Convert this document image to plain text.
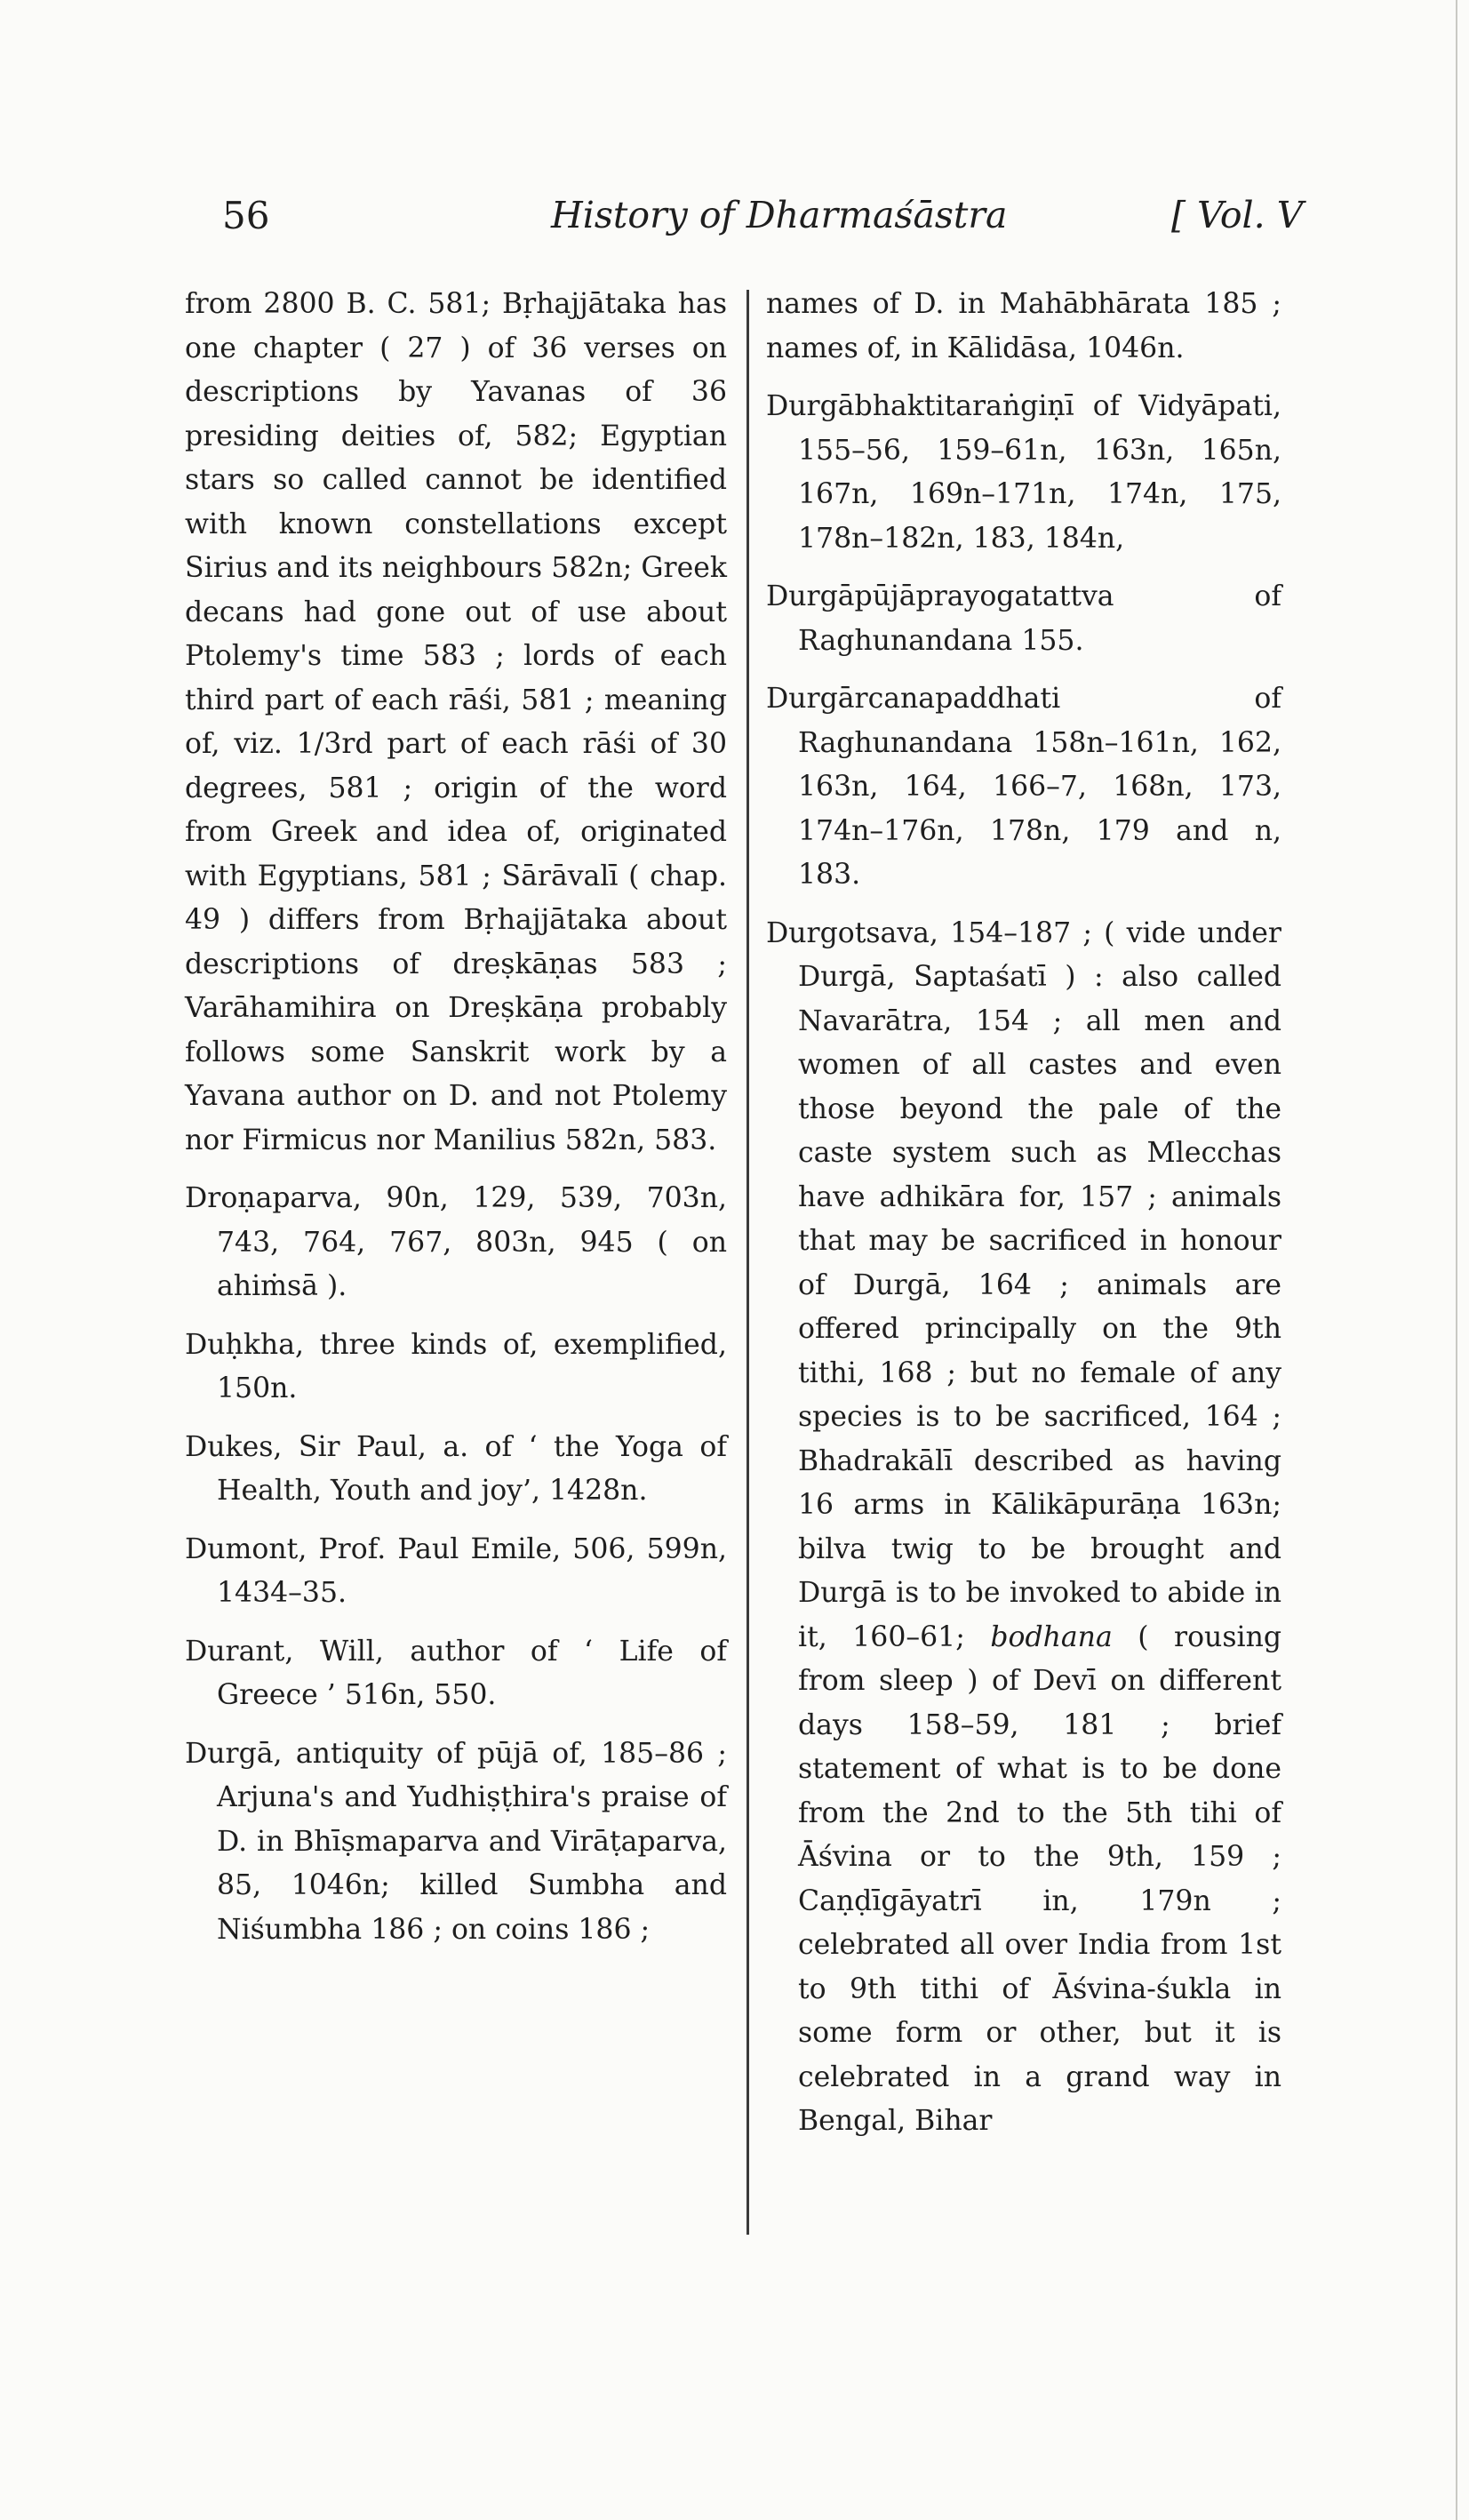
56	History of Dharmaśāstra	[ Vol. V

from 2800 B. C. 581; Bṛhajjātaka has one chapter ( 27 ) of 36 verses on descriptions by Yavanas of 36 presiding deities of, 582; Egyptian stars so called cannot be identified with known constellations except Sirius and its neighbours 582n; Greek decans had gone out of use about Ptolemy's time 583 ; lords of each third part of each rāśi, 581 ; meaning of, viz. 1/3rd part of each rāśi of 30 degrees, 581 ; origin of the word from Greek and idea of, originated with Egyptians, 581 ; Sārāvalī ( chap. 49 ) differs from Bṛhajjātaka about descriptions of dreṣkāṇas 583 ; Varāhamihira on Dreṣkāṇa probably follows some Sanskrit work by a Yavana author on D. and not Ptolemy nor Firmicus nor Manilius 582n, 583.

Droṇaparva, 90n, 129, 539, 703n, 743, 764, 767, 803n, 945 ( on ahiṁsā ).

Duḥkha, three kinds of, exemplified, 150n.

Dukes, Sir Paul, a. of ‘ the Yoga of Health, Youth and joy’, 1428n.

Dumont, Prof. Paul Emile, 506, 599n, 1434–35.

Durant, Will, author of ‘ Life of Greece ’ 516n, 550.

Durgā, antiquity of pūjā of, 185–86 ; Arjuna's and Yudhiṣṭhira's praise of D. in Bhīṣmaparva and Virāṭaparva, 85, 1046n; killed Sumbha and Niśumbha 186 ; on coins 186 ;

names of D. in Mahābhārata 185 ; names of, in Kālidāsa, 1046n.

Durgābhaktitaraṅgiṇī of Vidyāpati, 155–56, 159–61n, 163n, 165n, 167n, 169n–171n, 174n, 175, 178n–182n, 183, 184n,

Durgāpūjāprayogatattva of Raghunandana 155.

Durgārcanapaddhati of Raghunandana 158n–161n, 162, 163n, 164, 166–7, 168n, 173, 174n–176n, 178n, 179 and n, 183.

Durgotsava, 154–187 ; ( vide under Durgā, Saptaśatī ) : also called Navarātra, 154 ; all men and women of all castes and even those beyond the pale of the caste system such as Mlecchas have adhikāra for, 157 ; animals that may be sacrificed in honour of Durgā, 164 ; animals are offered principally on the 9th tithi, 168 ; but no female of any species is to be sacrificed, 164 ; Bhadrakālī described as having 16 arms in Kālikāpurāṇa 163n; bilva twig to be brought and Durgā is to be invoked to abide in it, 160–61; bodhana ( rousing from sleep ) of Devī on different days 158–59, 181 ; brief statement of what is to be done from the 2nd to the 5th tihi of Āśvina or to the 9th, 159 ; Caṇḍīgāyatrī in, 179n ; celebrated all over India from 1st to 9th tithi of Āśvina-śukla in some form or other, but it is celebrated in a grand way in Bengal, Bihar
